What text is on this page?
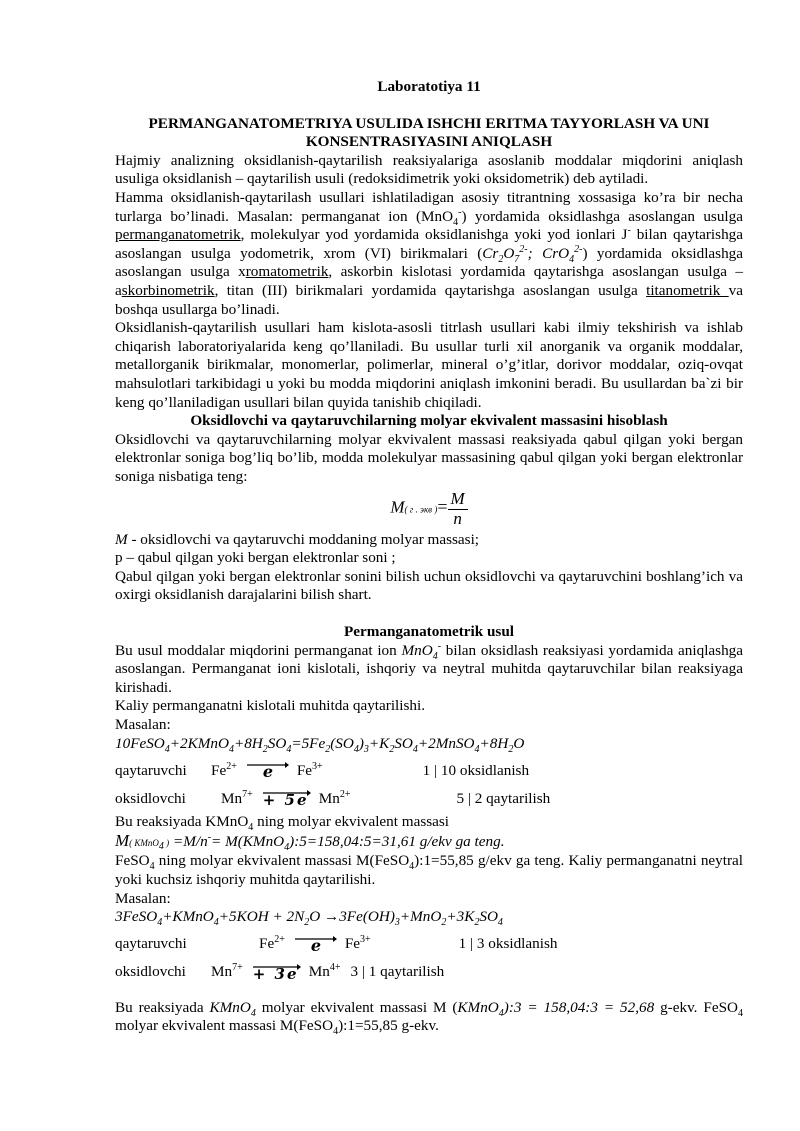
Laboratotiya 11
PERMANGANATOMETRIYA USULIDA ISHCHI ERITMA TAYYORLASH VA UNI KONSENTRASIYASINI ANIQLASH

Hajmiy analizning oksidlanish-qaytarilish reaksiyalariga asoslanib moddalar miqdorini aniqlash usuliga oksidlanish – qaytarilish usuli (redoksidimetrik yoki oksidometrik) deb aytiladi.

Hamma oksidlanish-qaytarilash usullari ishlatiladigan asosiy titrantning xossasiga ko’ra bir necha turlarga bo’linadi. Masalan: permanganat ion (MnO$_4$-) yordamida oksidlashga asoslangan usulga permanganatometrik, molekulyar yod yordamida oksidlanishga yoki yod ionlari J- bilan qaytarishga asoslangan usulga yodometrik, xrom (VI) birikmalari ($Cr_2O_7^{2-}$; CrO$_4^{2-}$) yordamida oksidlashga asoslangan usulga xromatometrik, askorbin kislotasi yordamida qaytarishga asoslangan usulga – askorbinometrik, titan (III) birikmalari yordamida qaytarishga asoslangan usulga titanometrik va boshqa usullarga bo’linadi.

Oksidlanish-qaytarilish usullari ham kislota-asosli titrlash usullari kabi ilmiy tekshirish va ishlab chiqarish laboratoriyalarida keng qo’llaniladi. Bu usullar turli xil anorganik va organik moddalar, metallorganik birikmalar, monomerlar, polimerlar, mineral o’g’itlar, dorivor moddalar, oziq-ovqat mahsulotlari tarkibidagi u yoki bu modda miqdorini aniqlash imkonini beradi. Bu usullardan ba`zi bir keng qo’llaniladigan usullari bilan quyida tanishib chiqiladi.

Oksidlovchi va qaytaruvchilarning molyar ekvivalent massasini hisoblash

Oksidlovchi va qaytaruvchilarning molyar ekvivalent massasi reaksiyada qabul qilgan yoki bergan elektronlar soniga bog’liq bo’lib, modda molekulyar massasining qabul qilgan yoki bergan elektronlar soniga nisbatiga teng:

M( г . экв )= $\frac{M}{n}$

M - oksidlovchi va qaytaruvchi moddaning molyar massasi;

p – qabul qilgan yoki bergan elektronlar soni ;

Qabul qilgan yoki bergan elektronlar sonini bilish uchun oksidlovchi va qaytaruvchini boshlang’ich va oxirgi oksidlanish darajalarini bilish shart.

Permanganatometrik usul

Bu usul moddalar miqdorini permanganat ion MnO$_4$- bilan oksidlash reaksiyasi yordamida aniqlashga asoslangan. Permanganat ioni kislotali, ishqoriy va neytral muhitda qaytaruvchilar bilan reaksiyaga kirishadi.

Kaliy permanganatni kislotali muhitda qaytarilishi.

Masalan:

$10FeSO_4+2KMnO_4+8H_2SO_4=5Fe_2(SO_4)_3+K_2SO_4+2MnSO_4+8H_2O$

qaytaruvchi	$Fe^{2+}$ e $Fe^{3+}$	1 | 10 oksidlanish
oksidlovchi	$Mn^{7+} + 5e$ $Mn^{2+}$	5 | 2 qaytarilish

Bu reaksiyada KMnO$_4$ ning molyar ekvivalent massasi

M( KMnO$_4$ ) =M/n-= M(KMnO$_4$):5=158,04:5=31,61 g/ekv ga teng.

FeSO$_4$ ning molyar ekvivalent massasi M(FeSO$_4$):1=55,85 g/ekv ga teng. Kaliy permanganatni neytral yoki kuchsiz ishqoriy muhitda qaytarilishi.

Masalan:

3FeSO$_4$+KMnO$_4$+5KOH + $2N_2O \to 3Fe(OH)_3+MnO_2+3K_2SO_4$

qaytaruvchi	$Fe^{2+}$ e $Fe^{3+}$	1 | 3 oksidlanish
oksidlovchi	$Mn^{7+} + 3e$ $Mn^{4+}$ 3 | 1 qaytarilish

Bu reaksiyada KMnO$_4$ molyar ekvivalent massasi M (KMnO$_4$):3 = 158,04:3 = 52,68 g-ekv. FeSO$_4$ molyar ekvivalent massasi M(FeSO$_4$):1=55,85 g-ekv.
